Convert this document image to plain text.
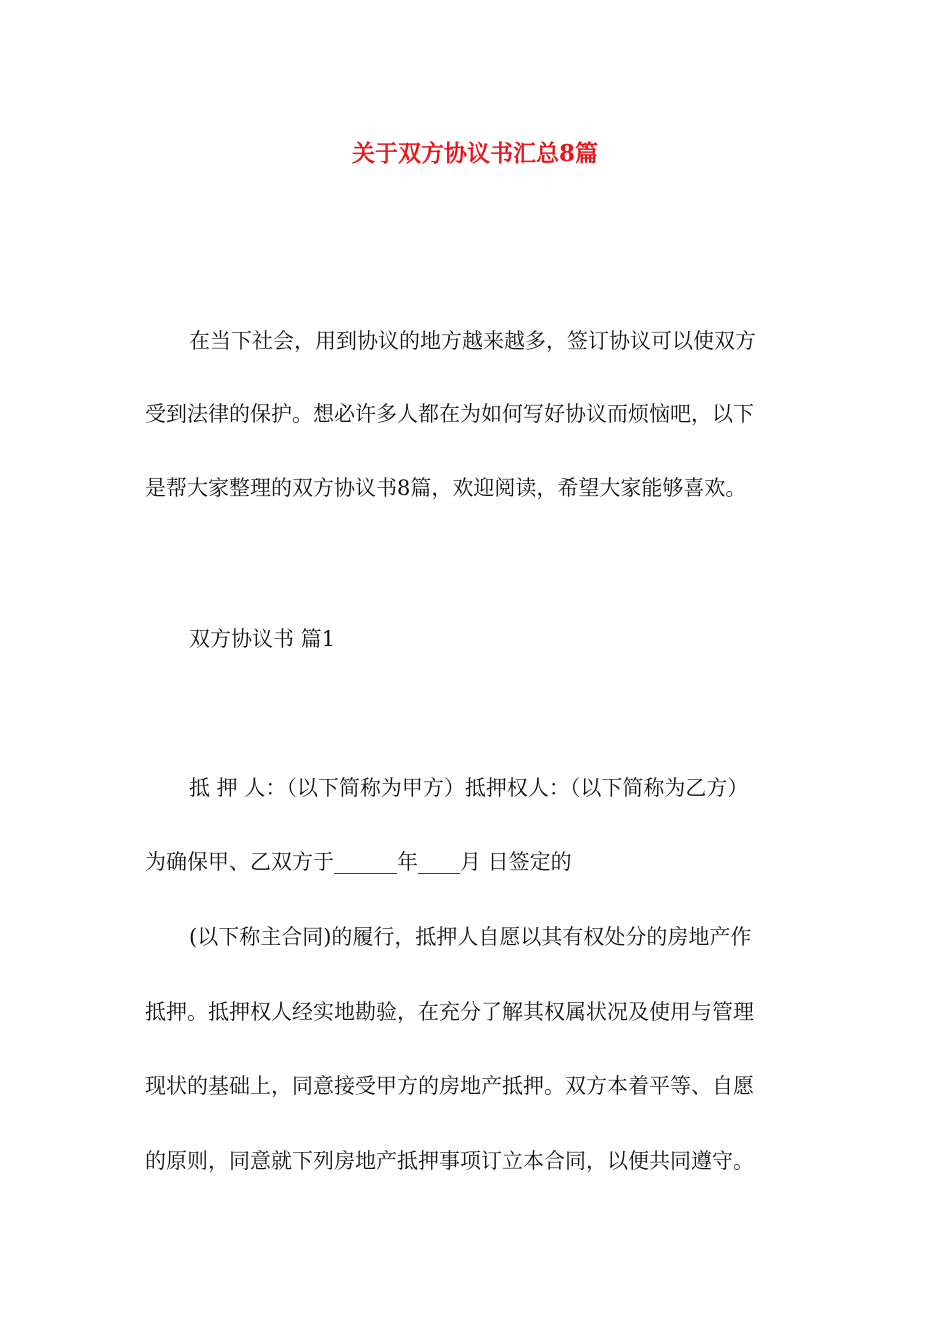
关于双方协议书汇总8篇
在当下社会，用到协议的地方越来越多，签订协议可以使双方
受到法律的保护。想必许多人都在为如何写好协议而烦恼吧，以下
是帮大家整理的双方协议书8篇，欢迎阅读，希望大家能够喜欢。
双方协议书 篇1
抵 押 人：（以下简称为甲方）抵押权人：（以下简称为乙方）
为确保甲、乙双方于______年____月 日签定的
(以下称主合同)的履行，抵押人自愿以其有权处分的房地产作
抵押。抵押权人经实地勘验，在充分了解其权属状况及使用与管理
现状的基础上，同意接受甲方的房地产抵押。双方本着平等、自愿
的原则，同意就下列房地产抵押事项订立本合同，以便共同遵守。
